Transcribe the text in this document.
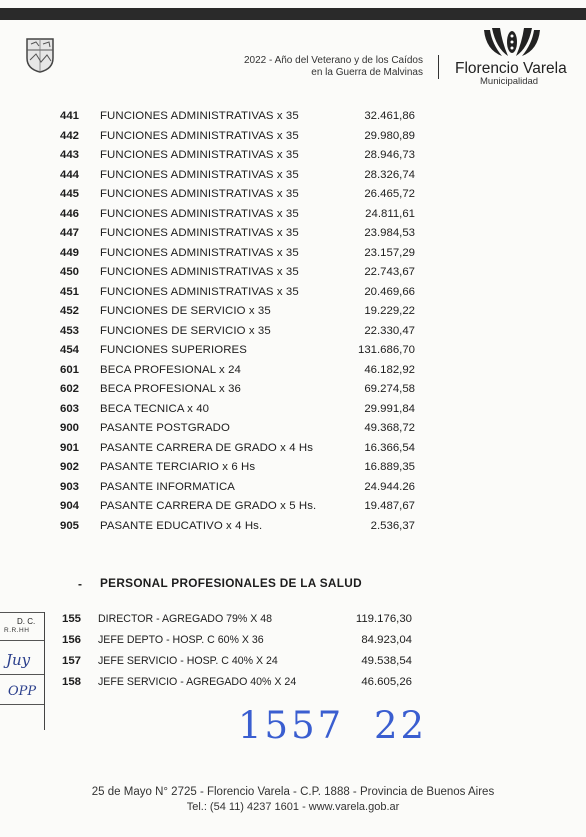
2022 - Año del Veterano y de los Caídos
en la Guerra de Malvinas Florencio Varela
Municipalidad
441 FUNCIONES ADMINISTRATIVAS x 35	32.461,86
442 FUNCIONES ADMINISTRATIVAS x 35	29.980,89
443 FUNCIONES ADMINISTRATIVAS x 35	28.946,73
444 FUNCIONES ADMINISTRATIVAS x 35	28.326,74
445 FUNCIONES ADMINISTRATIVAS x 35	26.465,72
446 FUNCIONES ADMINISTRATIVAS x 35	24.811,61
447 FUNCIONES ADMINISTRATIVAS x 35	23.984,53
449 FUNCIONES ADMINISTRATIVAS x 35	23.157,29
450 FUNCIONES ADMINISTRATIVAS x 35	22.743,67
451 FUNCIONES ADMINISTRATIVAS x 35	20.469,66
452 FUNCIONES DE SERVICIO x 35	19.229,22
453 FUNCIONES DE SERVICIO x 35	22.330,47
454 FUNCIONES SUPERIORES	131.686,70
601 BECA PROFESIONAL x 24	46.182,92
602 BECA PROFESIONAL x 36	69.274,58
603 BECA TECNICA x 40	29.991,84
900 PASANTE POSTGRADO	49.368,72
901 PASANTE CARRERA DE GRADO x 4 Hs	16.366,54
902 PASANTE TERCIARIO x 6 Hs	16.889,35
903 PASANTE INFORMATICA	24.944.26
904 PASANTE CARRERA DE GRADO x 5 Hs.	19.487,67
905 PASANTE EDUCATIVO x 4 Hs.	2.536,37
- PERSONAL PROFESIONALES DE LA SALUD
155 DIRECTOR - AGREGADO 79% X 48	119.176,30
156 JEFE DEPTO - HOSP. C 60% X 36	84.923,04
157 JEFE SERVICIO - HOSP. C 40% X 24	49.538,54
158 JEFE SERVICIO - AGREGADO 40% X 24	46.605,26
D. C.
R.R.HH
Juy
OPP
1557 22
25 de Mayo N° 2725 - Florencio Varela - C.P. 1888 - Provincia de Buenos Aires
Tel.: (54 11) 4237 1601 - www.varela.gob.ar
